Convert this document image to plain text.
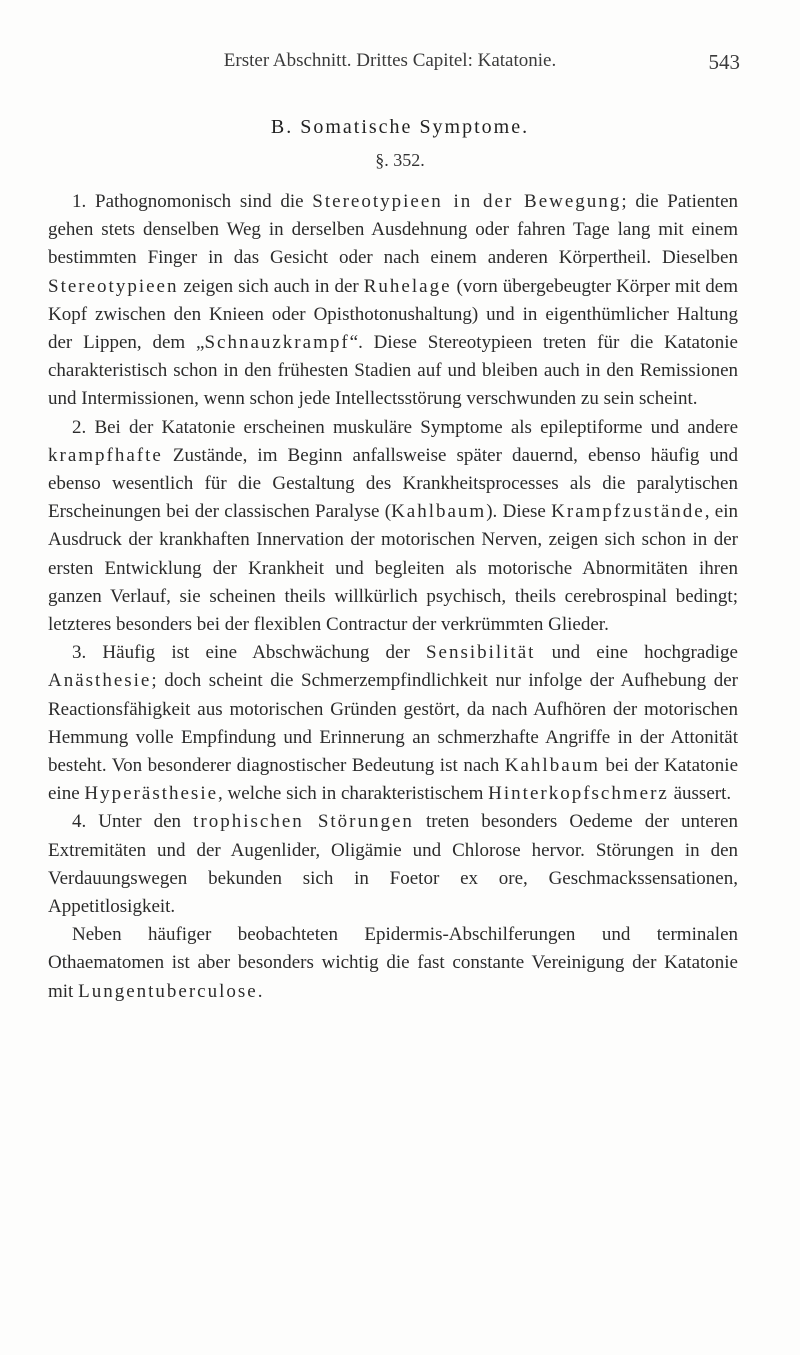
Erster Abschnitt. Drittes Capitel: Katatonie.	543
B. Somatische Symptome.
§. 352.

1. Pathognomonisch sind die Stereotypieen in der Bewegung; die Patienten gehen stets denselben Weg in derselben Ausdehnung oder fahren Tage lang mit einem bestimmten Finger in das Gesicht oder nach einem anderen Körpertheil. Dieselben Stereotypieen zeigen sich auch in der Ruhelage (vorn übergebeugter Körper mit dem Kopf zwischen den Knieen oder Opisthotonushaltung) und in eigenthümlicher Haltung der Lippen, dem „Schnauzkrampf“. Diese Stereotypieen treten für die Katatonie charakteristisch schon in den frühesten Stadien auf und bleiben auch in den Remissionen und Intermissionen, wenn schon jede Intellectsstörung verschwunden zu sein scheint.

2. Bei der Katatonie erscheinen muskuläre Symptome als epileptiforme und andere krampfhafte Zustände, im Beginn anfallsweise später dauernd, ebenso häufig und ebenso wesentlich für die Gestaltung des Krankheitsprocesses als die paralytischen Erscheinungen bei der classischen Paralyse (Kahlbaum). Diese Krampfzustände, ein Ausdruck der krankhaften Innervation der motorischen Nerven, zeigen sich schon in der ersten Entwicklung der Krankheit und begleiten als motorische Abnormitäten ihren ganzen Verlauf, sie scheinen theils willkürlich psychisch, theils cerebrospinal bedingt; letzteres besonders bei der flexiblen Contractur der verkrümmten Glieder.

3. Häufig ist eine Abschwächung der Sensibilität und eine hochgradige Anästhesie; doch scheint die Schmerzempfindlichkeit nur infolge der Aufhebung der Reactionsfähigkeit aus motorischen Gründen gestört, da nach Aufhören der motorischen Hemmung volle Empfindung und Erinnerung an schmerzhafte Angriffe in der Attonität besteht. Von besonderer diagnostischer Bedeutung ist nach Kahlbaum bei der Katatonie eine Hyperästhesie, welche sich in charakteristischem Hinterkopfschmerz äussert.

4. Unter den trophischen Störungen treten besonders Oedeme der unteren Extremitäten und der Augenlider, Oligämie und Chlorose hervor. Störungen in den Verdauungswegen bekunden sich in Foetor ex ore, Geschmackssensationen, Appetitlosigkeit.

Neben häufiger beobachteten Epidermis-Abschilferungen und terminalen Othaematomen ist aber besonders wichtig die fast constante Vereinigung der Katatonie mit Lungentuberculose.
